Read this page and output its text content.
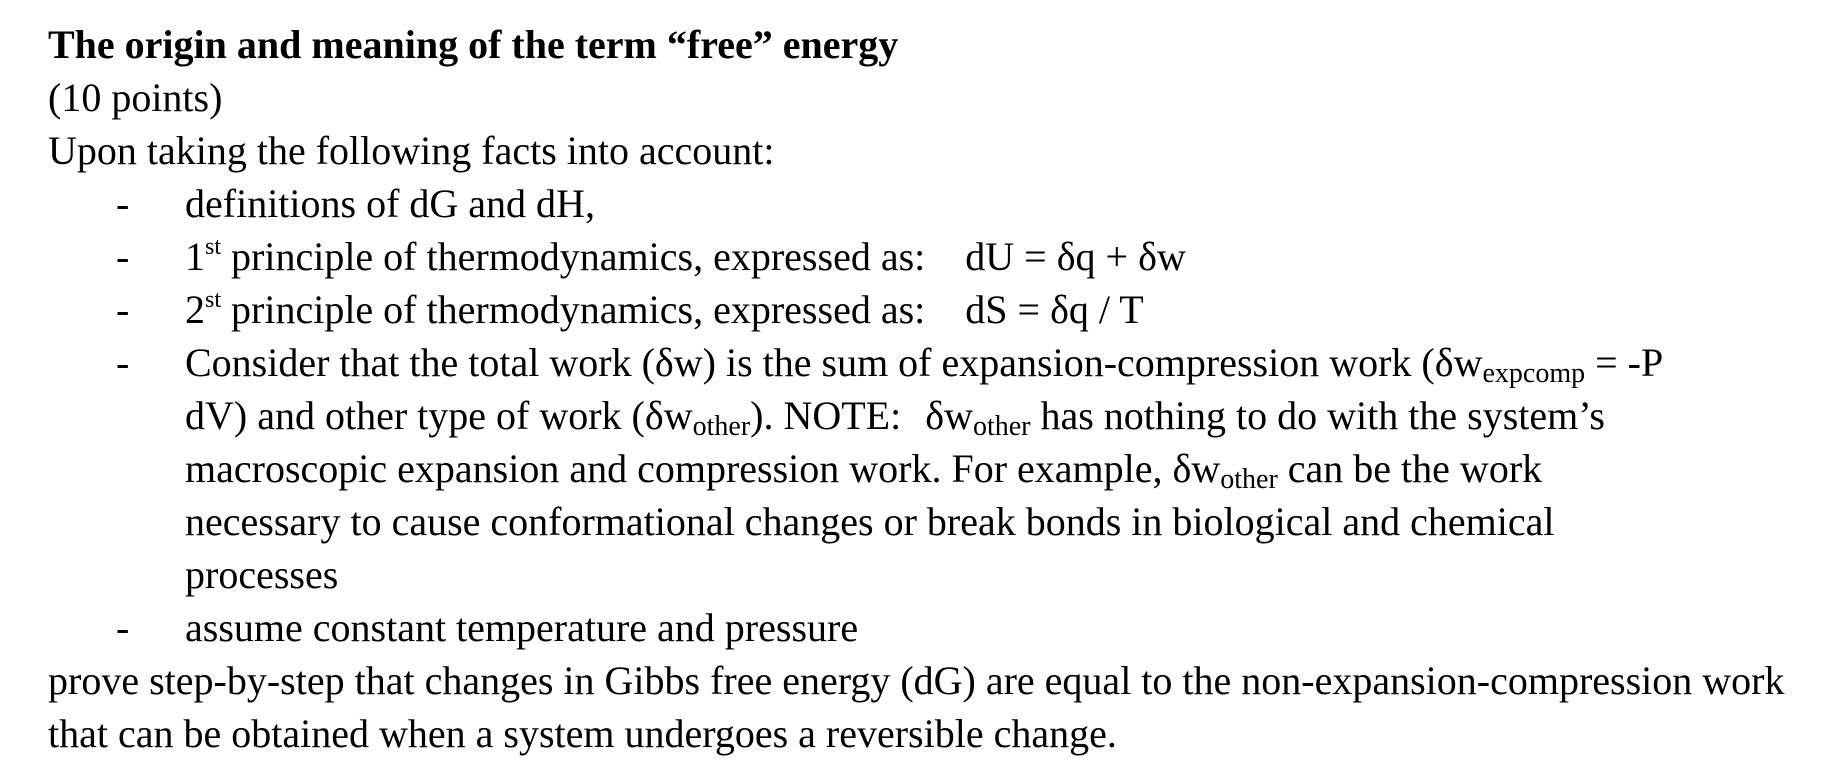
The origin and meaning of the term “free” energy

(10 points)

Upon taking the following facts into account:

- definitions of dG and dH,
- 1st principle of thermodynamics, expressed as: dU = δq + δw
- 2st principle of thermodynamics, expressed as: dS = δq / T
- Consider that the total work (δw) is the sum of expansion-compression work ($\delta w_{expcomp} = -P$ dV) and other type of work $(\delta w_{other})$. NOTE: $\delta w_{other}$ has nothing to do with the system’s macroscopic expansion and compression work. For example, $\delta w_{other}$ can be the work necessary to cause conformational changes or break bonds in biological and chemical processes
- assume constant temperature and pressure

prove step-by-step that changes in Gibbs free energy (dG) are equal to the non-expansion-compression work that can be obtained when a system undergoes a reversible change.
